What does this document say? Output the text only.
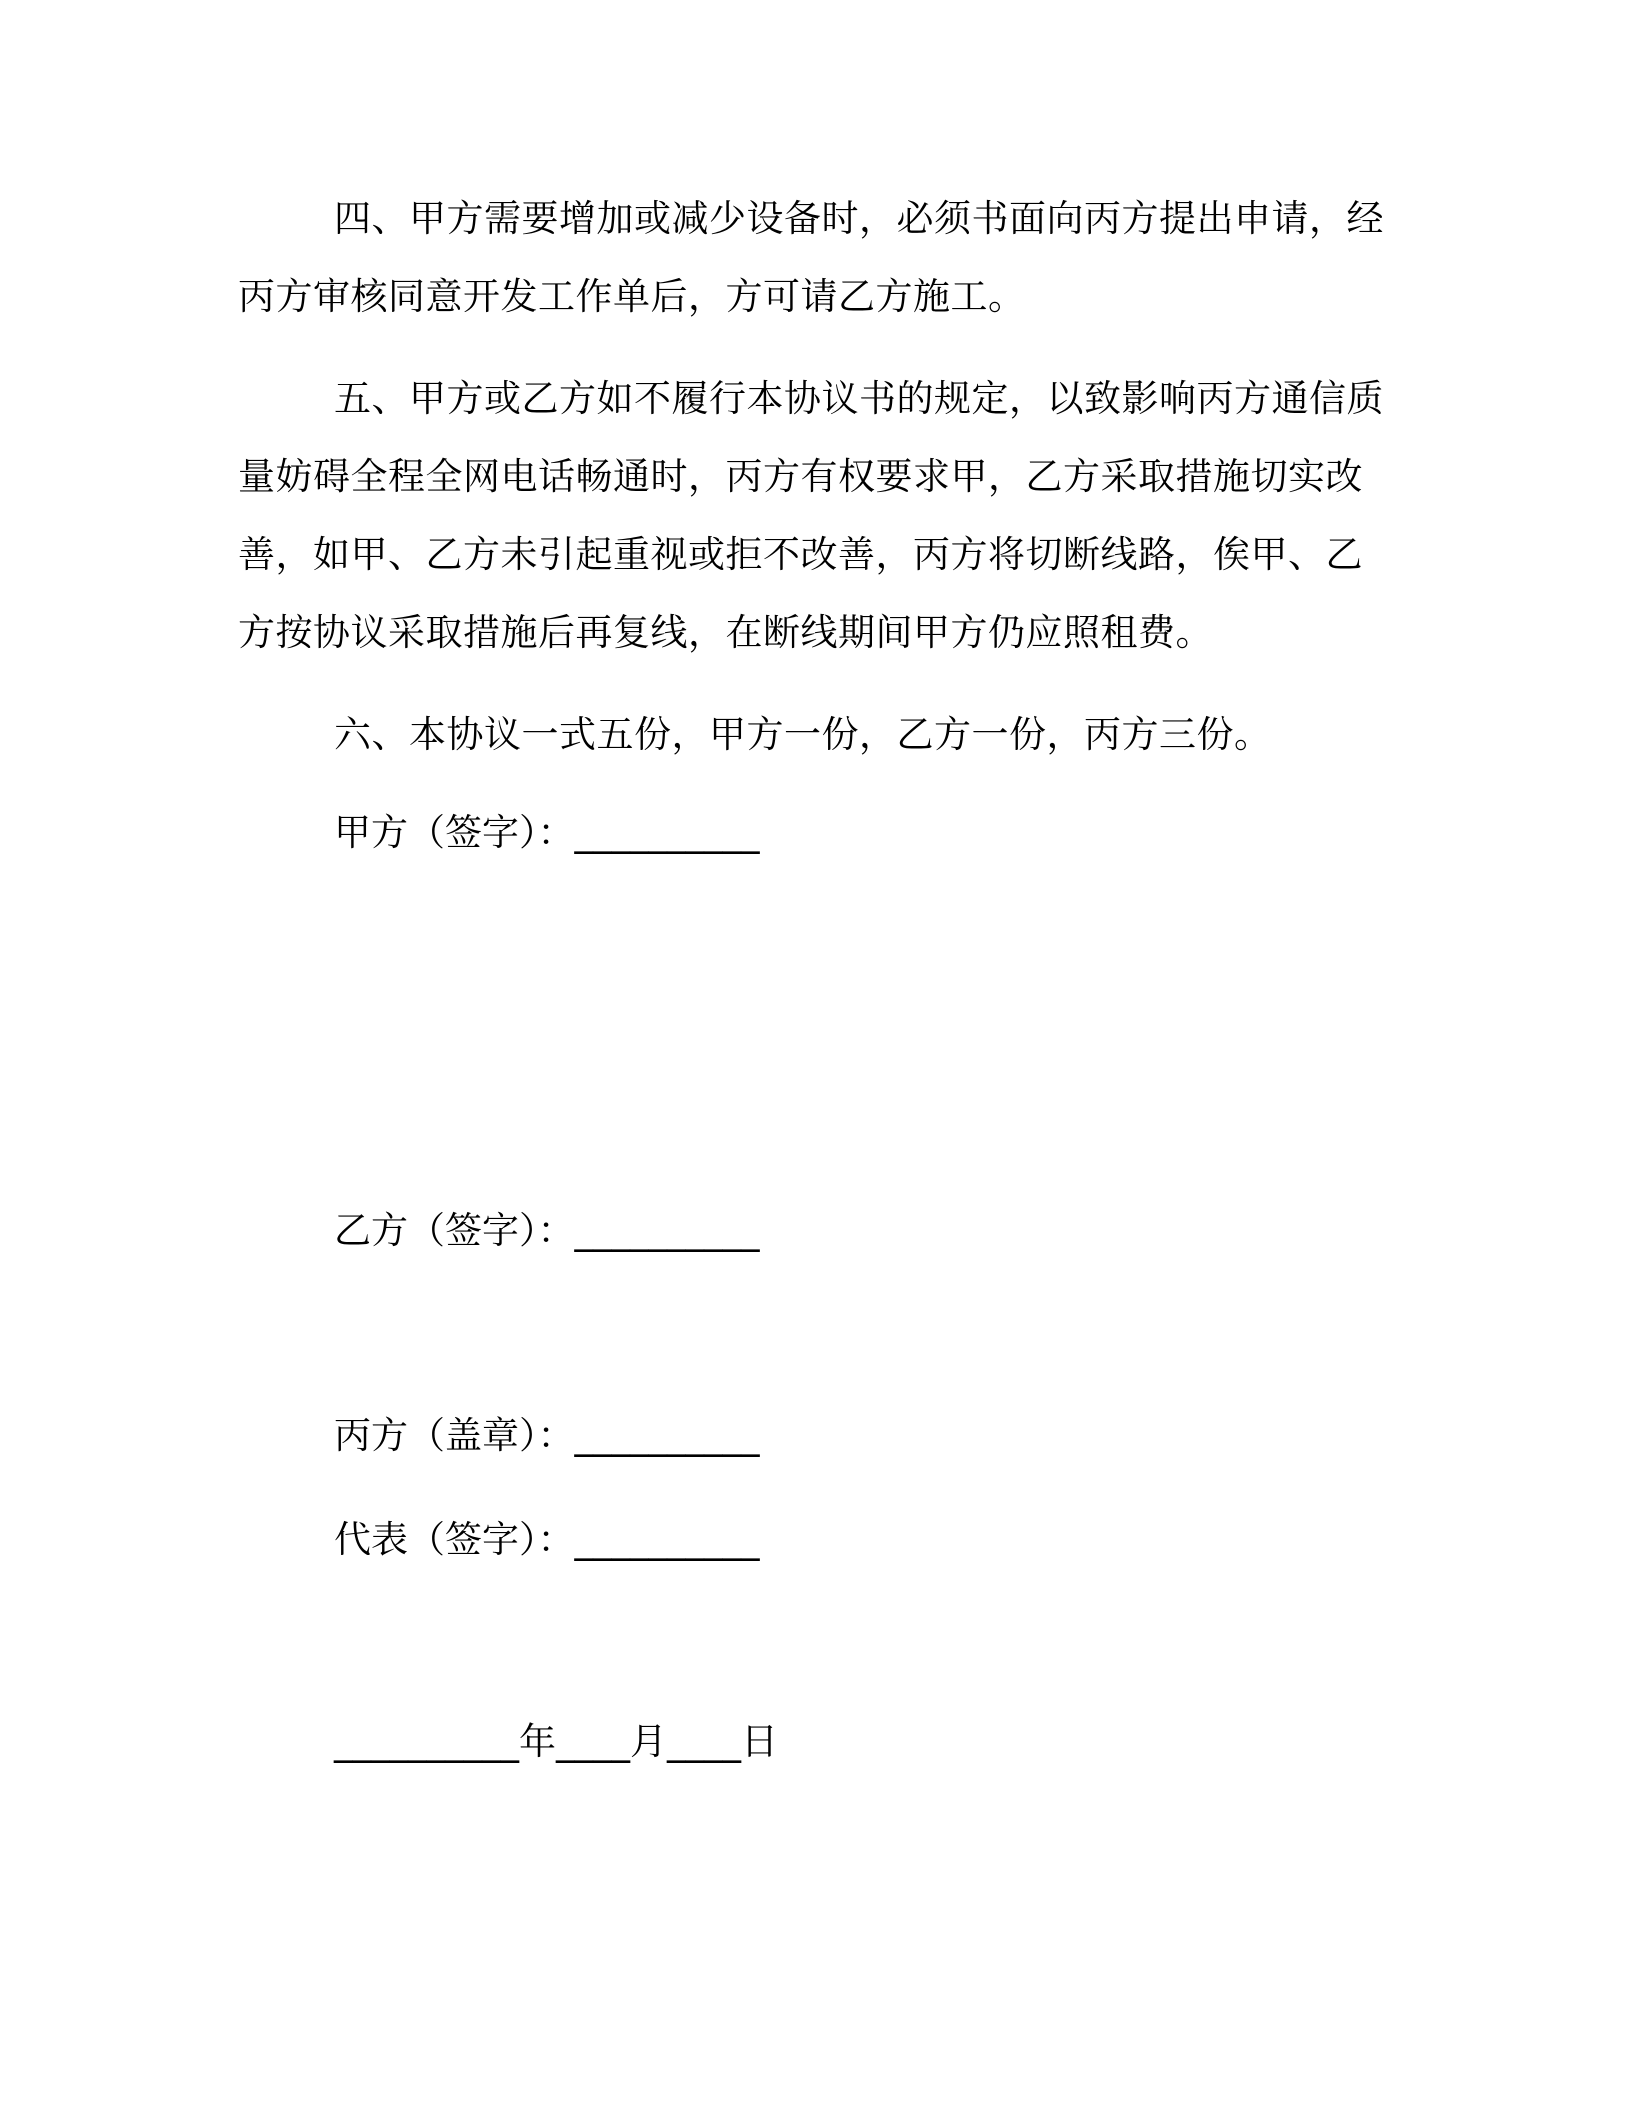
四、甲方需要增加或减少设备时，必须书面向丙方提出申请，经
丙方审核同意开发工作单后，方可请乙方施工。
五、甲方或乙方如不履行本协议书的规定，以致影响丙方通信质
量妨碍全程全网电话畅通时，丙方有权要求甲，乙方采取措施切实改
善，如甲、乙方未引起重视或拒不改善，丙方将切断线路，俟甲、乙
方按协议采取措施后再复线，在断线期间甲方仍应照租费。
六、本协议一式五份，甲方一份，乙方一份，丙方三份。
甲方（签字）：__________
乙方（签字）：__________
丙方（盖章）：__________
代表（签字）：__________
__________年____月____日
